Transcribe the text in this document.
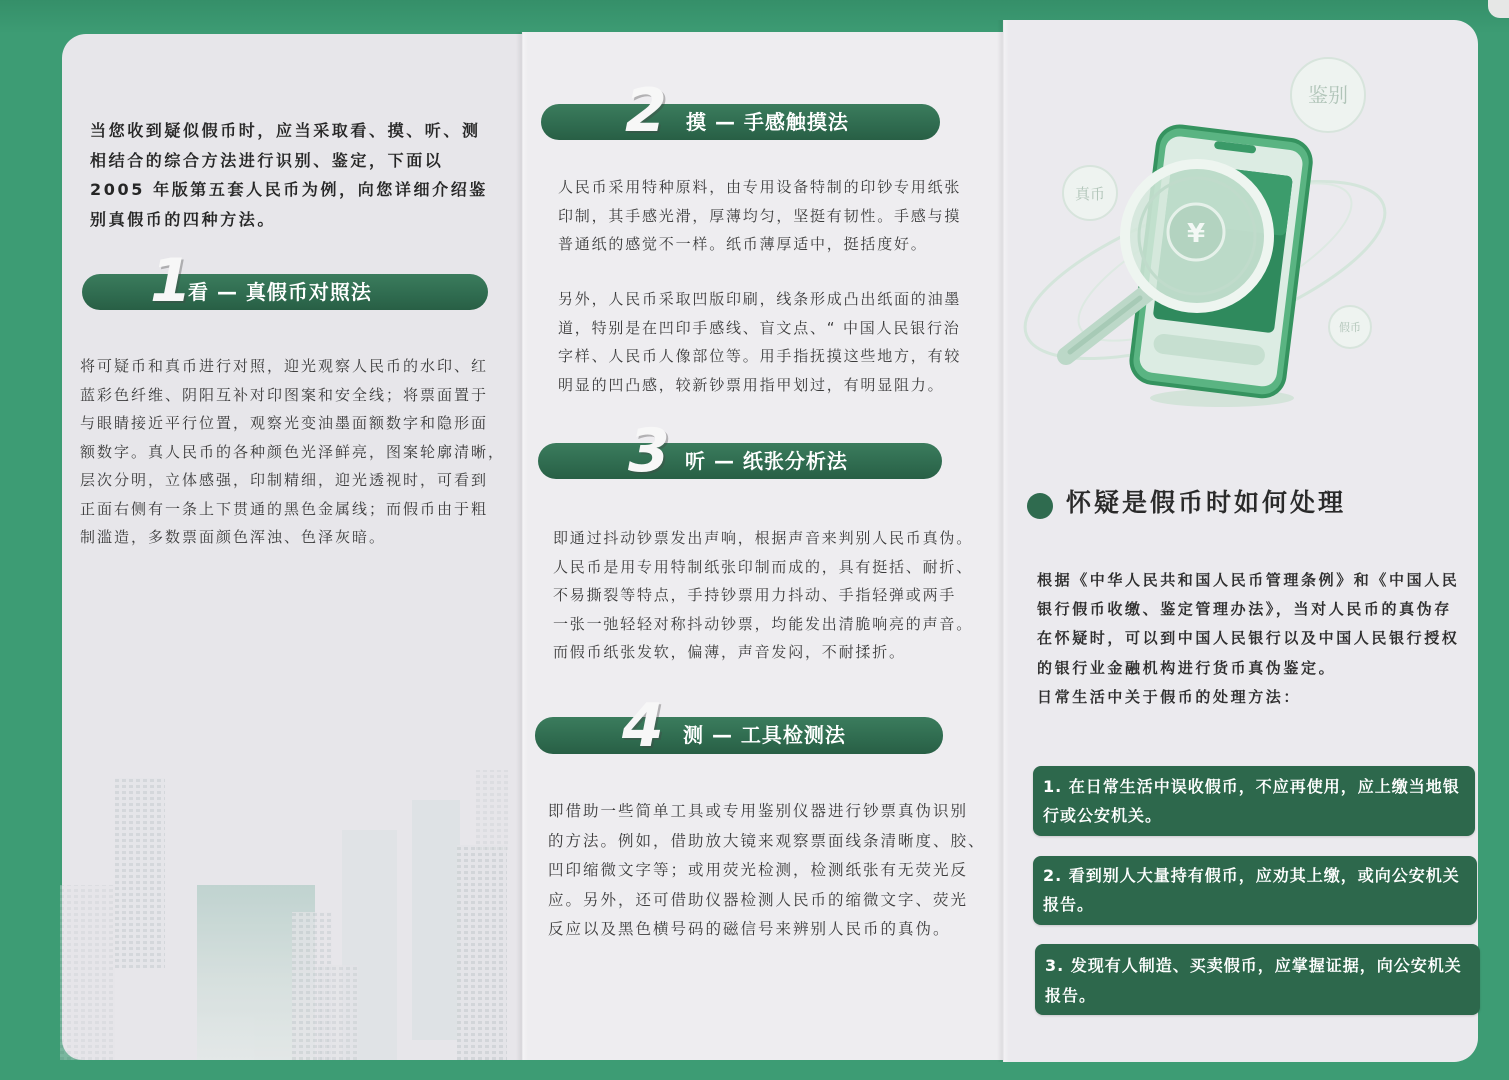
当您收到疑似假币时，应当采取看、摸、听、测
相结合的综合方法进行识别、鉴定，下面以
2005 年版第五套人民币为例，向您详细介绍鉴
别真假币的四种方法。
1
看 — 真假币对照法
将可疑币和真币进行对照，迎光观察人民币的水印、红
蓝彩色纤维、阴阳互补对印图案和安全线；将票面置于
与眼睛接近平行位置，观察光变油墨面额数字和隐形面
额数字。真人民币的各种颜色光泽鲜亮，图案轮廓清晰，
层次分明，立体感强，印制精细，迎光透视时，可看到
正面右侧有一条上下贯通的黑色金属线；而假币由于粗
制滥造，多数票面颜色浑浊、色泽灰暗。
2 摸 — 手感触摸法
人民币采用特种原料，由专用设备特制的印钞专用纸张
印制，其手感光滑，厚薄均匀，坚挺有韧性。手感与摸
普通纸的感觉不一样。纸币薄厚适中，挺括度好。
另外，人民币采取凹版印刷，线条形成凸出纸面的油墨
道，特别是在凹印手感线、盲文点、“ 中国人民银行治
字样、人民币人像部位等。用手指抚摸这些地方，有较
明显的凹凸感，较新钞票用指甲划过，有明显阻力。
3 听 — 纸张分析法
即通过抖动钞票发出声响，根据声音来判别人民币真伪。
人民币是用专用特制纸张印制而成的，具有挺括、耐折、
不易撕裂等特点，手持钞票用力抖动、手指轻弹或两手
一张一弛轻轻对称抖动钞票，均能发出清脆响亮的声音。
而假币纸张发软，偏薄，声音发闷，不耐揉折。
4 测 — 工具检测法
即借助一些简单工具或专用鉴别仪器进行钞票真伪识别
的方法。例如，借助放大镜来观察票面线条清晰度、胶、
凹印缩微文字等；或用荧光检测，检测纸张有无荧光反
应。另外，还可借助仪器检测人民币的缩微文字、荧光
反应以及黑色横号码的磁信号来辨别人民币的真伪。
¥
鉴别
真币
假币
怀疑是假币时如何处理
根据《中华人民共和国人民币管理条例》和《中国人民
银行假币收缴、鉴定管理办法》，当对人民币的真伪存
在怀疑时，可以到中国人民银行以及中国人民银行授权
的银行业金融机构进行货币真伪鉴定。
日常生活中关于假币的处理方法：
1. 在日常生活中误收假币，不应再使用，应上缴当地银
行或公安机关。
2. 看到别人大量持有假币，应劝其上缴，或向公安机关
报告。
3. 发现有人制造、买卖假币，应掌握证据，向公安机关
报告。
